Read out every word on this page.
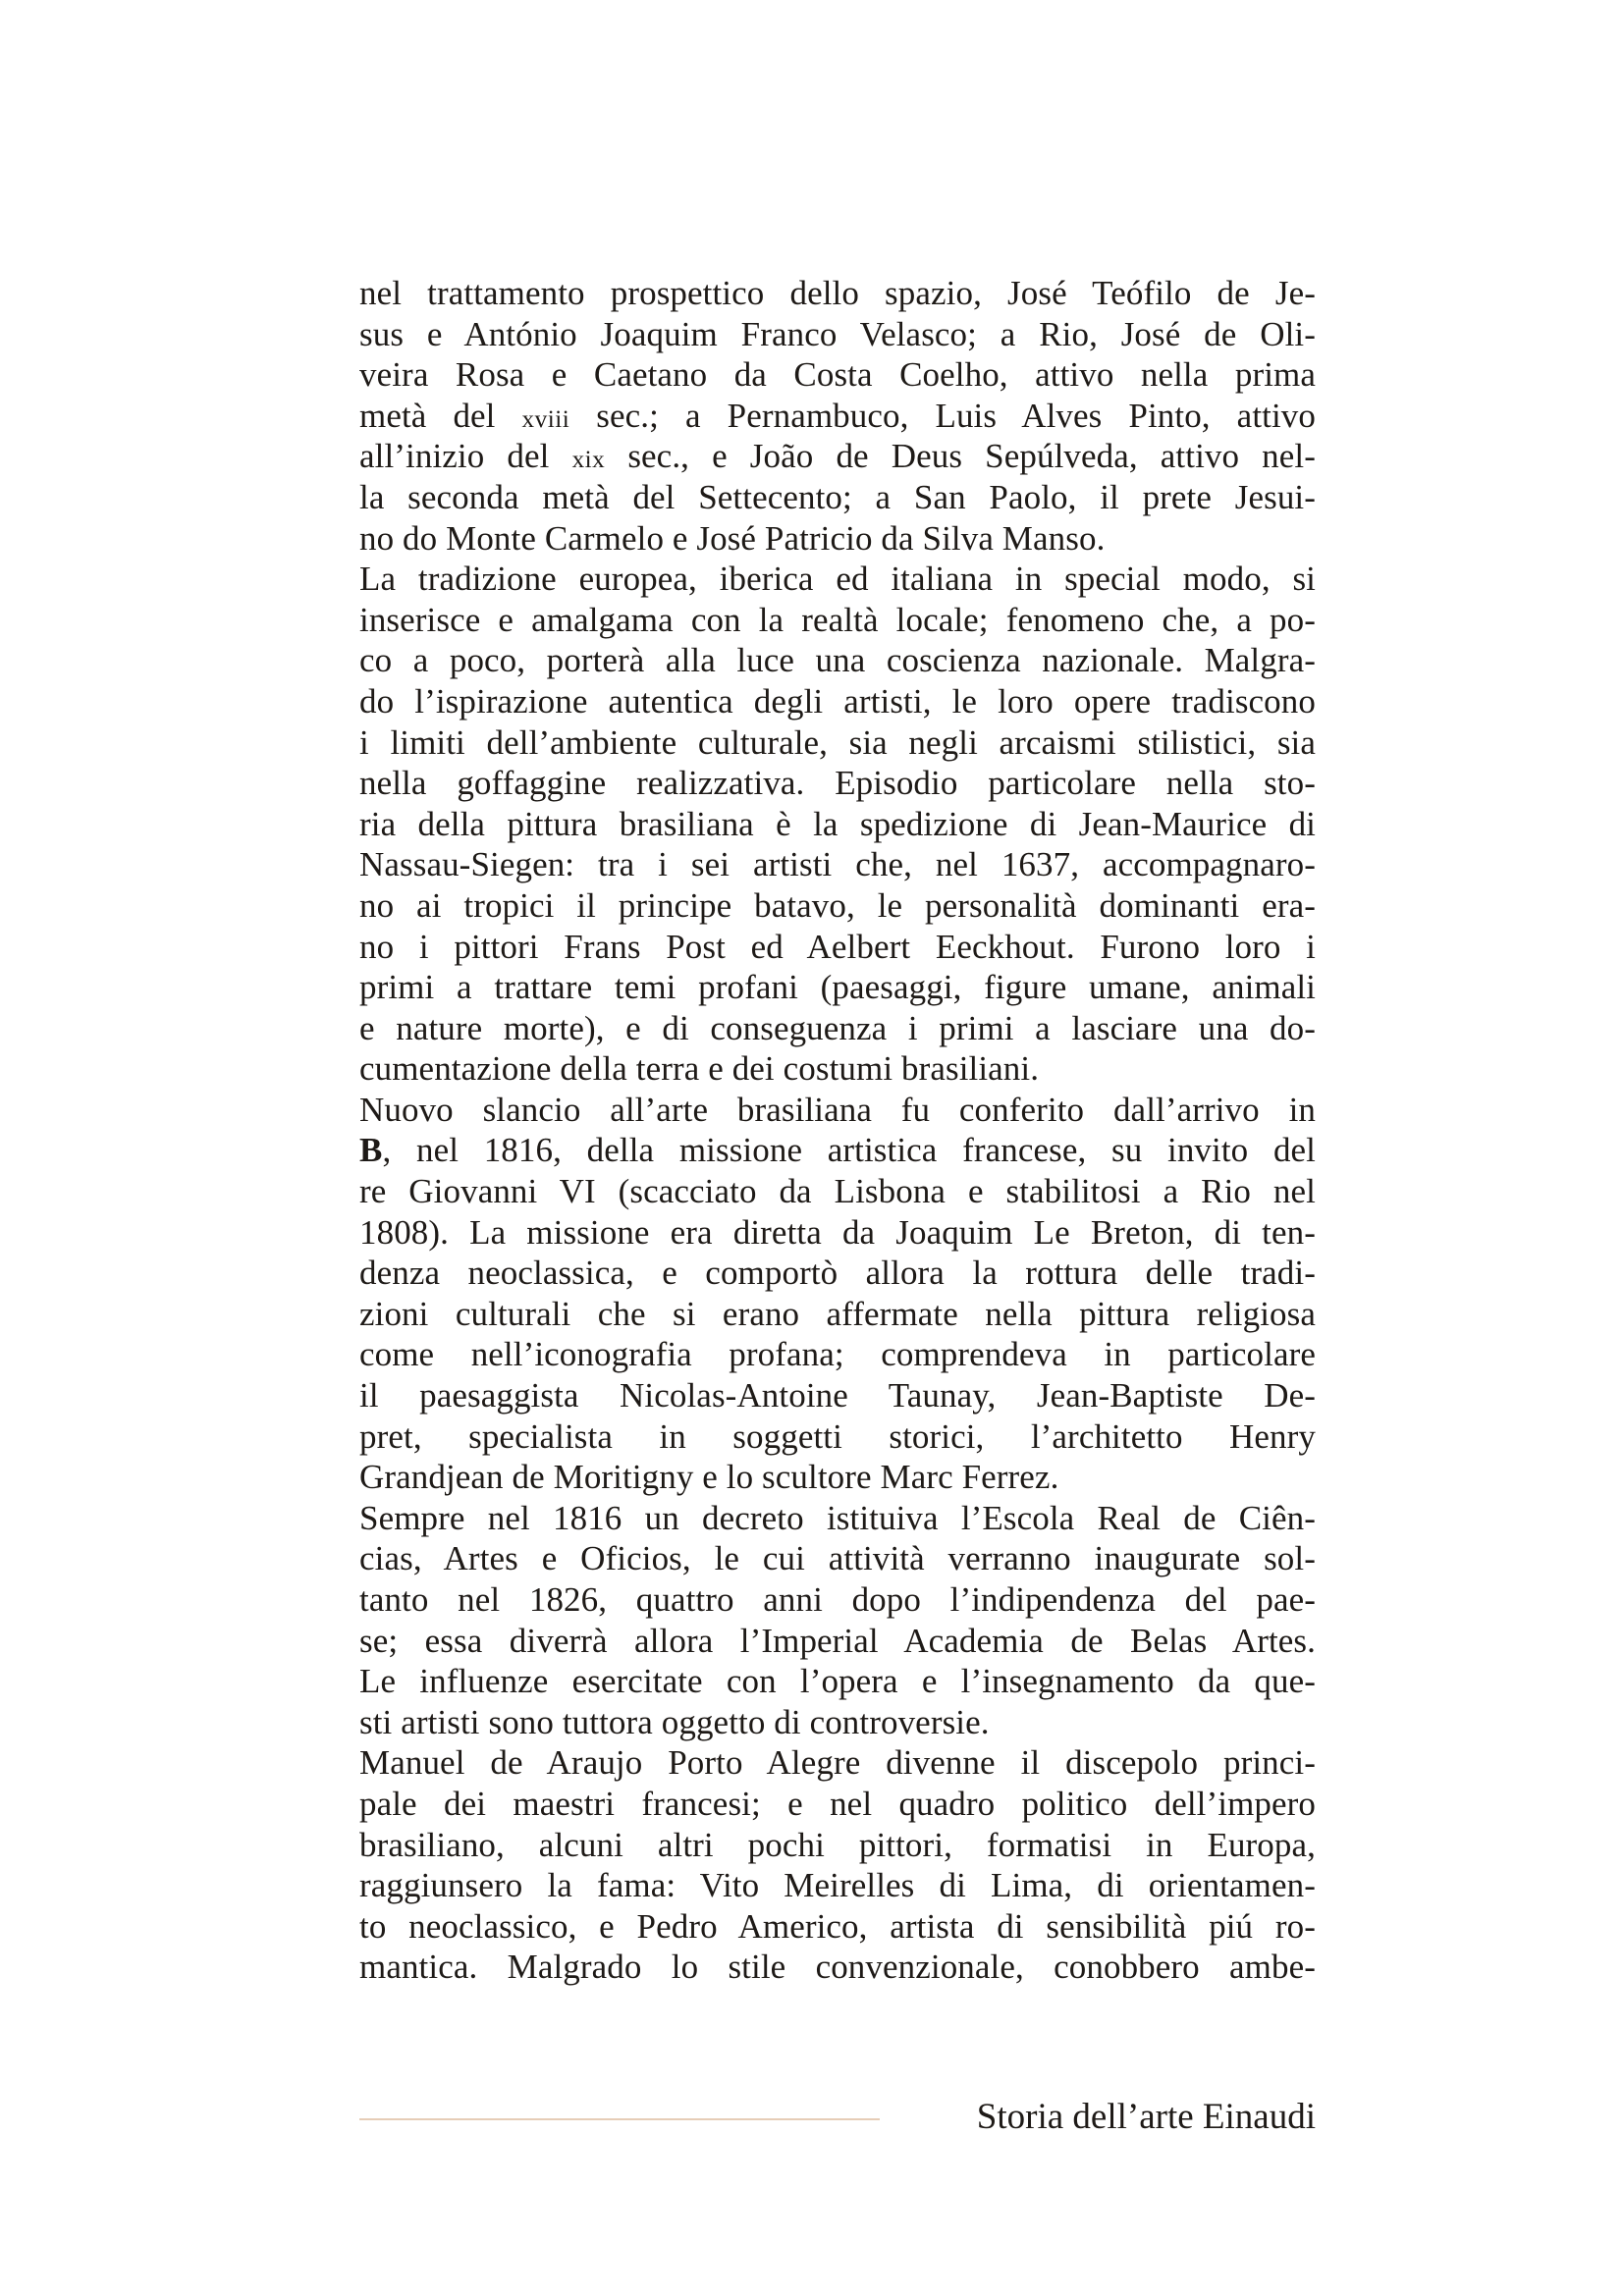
nel trattamento prospettico dello spazio, José Teófilo de Je-
sus e António Joaquim Franco Velasco; a Rio, José de Oli-
veira Rosa e Caetano da Costa Coelho, attivo nella prima
metà del xviii sec.; a Pernambuco, Luis Alves Pinto, attivo
all’inizio del xix sec., e João de Deus Sepúlveda, attivo nel-
la seconda metà del Settecento; a San Paolo, il prete Jesui-
no do Monte Carmelo e José Patricio da Silva Manso.
La tradizione europea, iberica ed italiana in special modo, si
inserisce e amalgama con la realtà locale; fenomeno che, a po-
co a poco, porterà alla luce una coscienza nazionale. Malgra-
do l’ispirazione autentica degli artisti, le loro opere tradiscono
i limiti dell’ambiente culturale, sia negli arcaismi stilistici, sia
nella goffaggine realizzativa. Episodio particolare nella sto-
ria della pittura brasiliana è la spedizione di Jean-Maurice di
Nassau-Siegen: tra i sei artisti che, nel 1637, accompagnaro-
no ai tropici il principe batavo, le personalità dominanti era-
no i pittori Frans Post ed Aelbert Eeckhout. Furono loro i
primi a trattare temi profani (paesaggi, figure umane, animali
e nature morte), e di conseguenza i primi a lasciare una do-
cumentazione della terra e dei costumi brasiliani.
Nuovo slancio all’arte brasiliana fu conferito dall’arrivo in
B, nel 1816, della missione artistica francese, su invito del
re Giovanni VI (scacciato da Lisbona e stabilitosi a Rio nel
1808). La missione era diretta da Joaquim Le Breton, di ten-
denza neoclassica, e comportò allora la rottura delle tradi-
zioni culturali che si erano affermate nella pittura religiosa
come nell’iconografia profana; comprendeva in particolare
il paesaggista Nicolas-Antoine Taunay, Jean-Baptiste De-
pret, specialista in soggetti storici, l’architetto Henry
Grandjean de Moritigny e lo scultore Marc Ferrez.
Sempre nel 1816 un decreto istituiva l’Escola Real de Ciên-
cias, Artes e Oficios, le cui attività verranno inaugurate sol-
tanto nel 1826, quattro anni dopo l’indipendenza del pae-
se; essa diverrà allora l’Imperial Academia de Belas Artes.
Le influenze esercitate con l’opera e l’insegnamento da que-
sti artisti sono tuttora oggetto di controversie.
Manuel de Araujo Porto Alegre divenne il discepolo princi-
pale dei maestri francesi; e nel quadro politico dell’impero
brasiliano, alcuni altri pochi pittori, formatisi in Europa,
raggiunsero la fama: Vito Meirelles di Lima, di orientamen-
to neoclassico, e Pedro Americo, artista di sensibilità piú ro-
mantica. Malgrado lo stile convenzionale, conobbero ambe-
Storia dell’arte Einaudi
